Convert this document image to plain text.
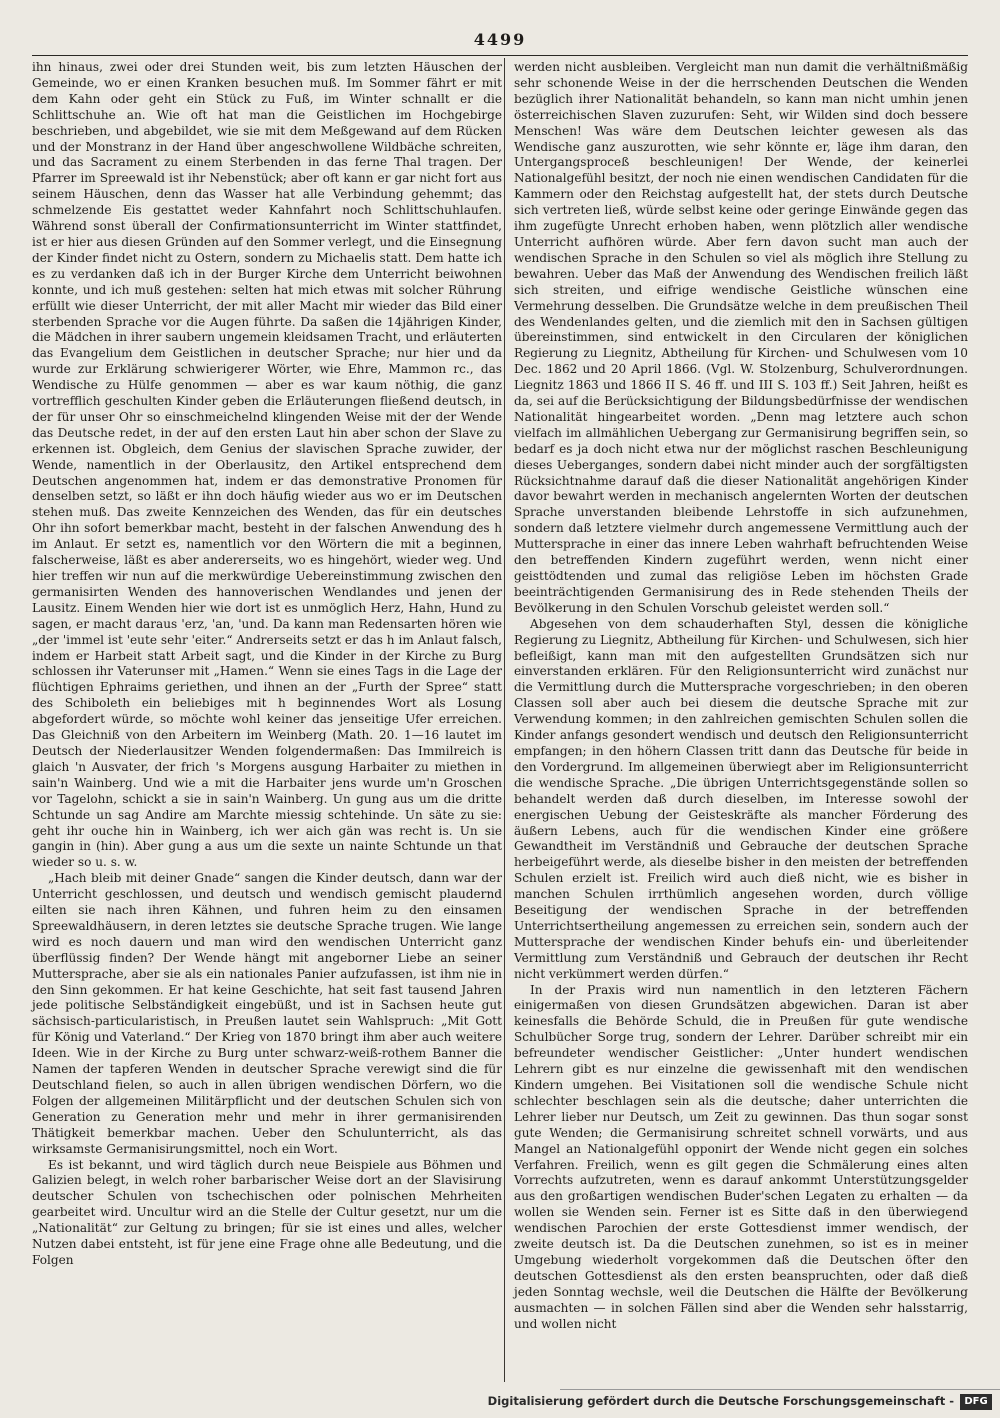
4499

ihn hinaus, zwei oder drei Stunden weit, bis zum letzten Häuschen der Gemeinde, wo er einen Kranken besuchen muß. Im Sommer fährt er mit dem Kahn oder geht ein Stück zu Fuß, im Winter schnallt er die Schlittschuhe an. Wie oft hat man die Geistlichen im Hochgebirge beschrieben, und abgebildet, wie sie mit dem Meßgewand auf dem Rücken und der Monstranz in der Hand über angeschwollene Wildbäche schreiten, und das Sacrament zu einem Sterbenden in das ferne Thal tragen. Der Pfarrer im Spreewald ist ihr Nebenstück; aber oft kann er gar nicht fort aus seinem Häuschen, denn das Wasser hat alle Verbindung gehemmt; das schmelzende Eis gestattet weder Kahnfahrt noch Schlittschuhlaufen. Während sonst überall der Confirmationsunterricht im Winter stattfindet, ist er hier aus diesen Gründen auf den Sommer verlegt, und die Einsegnung der Kinder findet nicht zu Ostern, sondern zu Michaelis statt. Dem hatte ich es zu verdanken daß ich in der Burger Kirche dem Unterricht beiwohnen konnte, und ich muß gestehen: selten hat mich etwas mit solcher Rührung erfüllt wie dieser Unterricht, der mit aller Macht mir wieder das Bild einer sterbenden Sprache vor die Augen führte. Da saßen die 14jährigen Kinder, die Mädchen in ihrer saubern ungemein kleidsamen Tracht, und erläuterten das Evangelium dem Geistlichen in deutscher Sprache; nur hier und da wurde zur Erklärung schwierigerer Wörter, wie Ehre, Mammon rc., das Wendische zu Hülfe genommen — aber es war kaum nöthig, die ganz vortrefflich geschulten Kinder geben die Erläuterungen fließend deutsch, in der für unser Ohr so einschmeichelnd klingenden Weise mit der der Wende das Deutsche redet, in der auf den ersten Laut hin aber schon der Slave zu erkennen ist. Obgleich, dem Genius der slavischen Sprache zuwider, der Wende, namentlich in der Oberlausitz, den Artikel entsprechend dem Deutschen angenommen hat, indem er das demonstrative Pronomen für denselben setzt, so läßt er ihn doch häufig wieder aus wo er im Deutschen stehen muß. Das zweite Kennzeichen des Wenden, das für ein deutsches Ohr ihn sofort bemerkbar macht, besteht in der falschen Anwendung des h im Anlaut. Er setzt es, namentlich vor den Wörtern die mit a beginnen, falscherweise, läßt es aber andererseits, wo es hingehört, wieder weg. Und hier treffen wir nun auf die merkwürdige Uebereinstimmung zwischen den germanisirten Wenden des hannoverischen Wendlandes und jenen der Lausitz. Einem Wenden hier wie dort ist es unmöglich Herz, Hahn, Hund zu sagen, er macht daraus 'erz, 'an, 'und. Da kann man Redensarten hören wie „der 'immel ist 'eute sehr 'eiter.“ Andrerseits setzt er das h im Anlaut falsch, indem er Harbeit statt Arbeit sagt, und die Kinder in der Kirche zu Burg schlossen ihr Vaterunser mit „Hamen.“ Wenn sie eines Tags in die Lage der flüchtigen Ephraims geriethen, und ihnen an der „Furth der Spree“ statt des Schiboleth ein beliebiges mit h beginnendes Wort als Losung abgefordert würde, so möchte wohl keiner das jenseitige Ufer erreichen. Das Gleichniß von den Arbeitern im Weinberg (Math. 20. 1—16 lautet im Deutsch der Niederlausitzer Wenden folgendermaßen: Das Immilreich is glaich 'n Ausvater, der frich 's Morgens ausgung Harbaiter zu miethen in sain'n Wainberg. Und wie a mit die Harbaiter jens wurde um'n Groschen vor Tagelohn, schickt a sie in sain'n Wainberg. Un gung aus um die dritte Schtunde un sag Andire am Marchte miessig schtehinde. Un säte zu sie: geht ihr ouche hin in Wainberg, ich wer aich gän was recht is. Un sie gangin in (hin). Aber gung a aus um die sexte un nainte Schtunde un that wieder so u. s. w.

„Hach bleib mit deiner Gnade“ sangen die Kinder deutsch, dann war der Unterricht geschlossen, und deutsch und wendisch gemischt plaudernd eilten sie nach ihren Kähnen, und fuhren heim zu den einsamen Spreewaldhäusern, in deren letztes sie deutsche Sprache trugen. Wie lange wird es noch dauern und man wird den wendischen Unterricht ganz überflüssig finden? Der Wende hängt mit angeborner Liebe an seiner Muttersprache, aber sie als ein nationales Panier aufzufassen, ist ihm nie in den Sinn gekommen. Er hat keine Geschichte, hat seit fast tausend Jahren jede politische Selbständigkeit eingebüßt, und ist in Sachsen heute gut sächsisch-particularistisch, in Preußen lautet sein Wahlspruch: „Mit Gott für König und Vaterland.“ Der Krieg von 1870 bringt ihm aber auch weitere Ideen. Wie in der Kirche zu Burg unter schwarz-weiß-rothem Banner die Namen der tapferen Wenden in deutscher Sprache verewigt sind die für Deutschland fielen, so auch in allen übrigen wendischen Dörfern, wo die Folgen der allgemeinen Militärpflicht und der deutschen Schulen sich von Generation zu Generation mehr und mehr in ihrer germanisirenden Thätigkeit bemerkbar machen. Ueber den Schulunterricht, als das wirksamste Germanisirungsmittel, noch ein Wort.

Es ist bekannt, und wird täglich durch neue Beispiele aus Böhmen und Galizien belegt, in welch roher barbarischer Weise dort an der Slavisirung deutscher Schulen von tschechischen oder polnischen Mehrheiten gearbeitet wird. Uncultur wird an die Stelle der Cultur gesetzt, nur um die „Nationalität“ zur Geltung zu bringen; für sie ist eines und alles, welcher Nutzen dabei entsteht, ist für jene eine Frage ohne alle Bedeutung, und die Folgen

werden nicht ausbleiben. Vergleicht man nun damit die verhältnißmäßig sehr schonende Weise in der die herrschenden Deutschen die Wenden bezüglich ihrer Nationalität behandeln, so kann man nicht umhin jenen österreichischen Slaven zuzurufen: Seht, wir Wilden sind doch bessere Menschen! Was wäre dem Deutschen leichter gewesen als das Wendische ganz auszurotten, wie sehr könnte er, läge ihm daran, den Untergangsproceß beschleunigen! Der Wende, der keinerlei Nationalgefühl besitzt, der noch nie einen wendischen Candidaten für die Kammern oder den Reichstag aufgestellt hat, der stets durch Deutsche sich vertreten ließ, würde selbst keine oder geringe Einwände gegen das ihm zugefügte Unrecht erhoben haben, wenn plötzlich aller wendische Unterricht aufhören würde. Aber fern davon sucht man auch der wendischen Sprache in den Schulen so viel als möglich ihre Stellung zu bewahren. Ueber das Maß der Anwendung des Wendischen freilich läßt sich streiten, und eifrige wendische Geistliche wünschen eine Vermehrung desselben. Die Grundsätze welche in dem preußischen Theil des Wendenlandes gelten, und die ziemlich mit den in Sachsen gültigen übereinstimmen, sind entwickelt in den Circularen der königlichen Regierung zu Liegnitz, Abtheilung für Kirchen- und Schulwesen vom 10 Dec. 1862 und 20 April 1866. (Vgl. W. Stolzenburg, Schulverordnungen. Liegnitz 1863 und 1866 II S. 46 ff. und III S. 103 ff.) Seit Jahren, heißt es da, sei auf die Berücksichtigung der Bildungsbedürfnisse der wendischen Nationalität hingearbeitet worden. „Denn mag letztere auch schon vielfach im allmählichen Uebergang zur Germanisirung begriffen sein, so bedarf es ja doch nicht etwa nur der möglichst raschen Beschleunigung dieses Ueberganges, sondern dabei nicht minder auch der sorgfältigsten Rücksichtnahme darauf daß die dieser Nationalität angehörigen Kinder davor bewahrt werden in mechanisch angelernten Worten der deutschen Sprache unverstanden bleibende Lehrstoffe in sich aufzunehmen, sondern daß letztere vielmehr durch angemessene Vermittlung auch der Muttersprache in einer das innere Leben wahrhaft befruchtenden Weise den betreffenden Kindern zugeführt werden, wenn nicht einer geisttödtenden und zumal das religiöse Leben im höchsten Grade beeinträchtigenden Germanisirung des in Rede stehenden Theils der Bevölkerung in den Schulen Vorschub geleistet werden soll.“

Abgesehen von dem schauderhaften Styl, dessen die königliche Regierung zu Liegnitz, Abtheilung für Kirchen- und Schulwesen, sich hier befleißigt, kann man mit den aufgestellten Grundsätzen sich nur einverstanden erklären. Für den Religionsunterricht wird zunächst nur die Vermittlung durch die Muttersprache vorgeschrieben; in den oberen Classen soll aber auch bei diesem die deutsche Sprache mit zur Verwendung kommen; in den zahlreichen gemischten Schulen sollen die Kinder anfangs gesondert wendisch und deutsch den Religionsunterricht empfangen; in den höhern Classen tritt dann das Deutsche für beide in den Vordergrund. Im allgemeinen überwiegt aber im Religionsunterricht die wendische Sprache. „Die übrigen Unterrichtsgegenstände sollen so behandelt werden daß durch dieselben, im Interesse sowohl der energischen Uebung der Geisteskräfte als mancher Förderung des äußern Lebens, auch für die wendischen Kinder eine größere Gewandtheit im Verständniß und Gebrauche der deutschen Sprache herbeigeführt werde, als dieselbe bisher in den meisten der betreffenden Schulen erzielt ist. Freilich wird auch dieß nicht, wie es bisher in manchen Schulen irrthümlich angesehen worden, durch völlige Beseitigung der wendischen Sprache in der betreffenden Unterrichtsertheilung angemessen zu erreichen sein, sondern auch der Muttersprache der wendischen Kinder behufs ein- und überleitender Vermittlung zum Verständniß und Gebrauch der deutschen ihr Recht nicht verkümmert werden dürfen.“

In der Praxis wird nun namentlich in den letzteren Fächern einigermaßen von diesen Grundsätzen abgewichen. Daran ist aber keinesfalls die Behörde Schuld, die in Preußen für gute wendische Schulbücher Sorge trug, sondern der Lehrer. Darüber schreibt mir ein befreundeter wendischer Geistlicher: „Unter hundert wendischen Lehrern gibt es nur einzelne die gewissenhaft mit den wendischen Kindern umgehen. Bei Visitationen soll die wendische Schule nicht schlechter beschlagen sein als die deutsche; daher unterrichten die Lehrer lieber nur Deutsch, um Zeit zu gewinnen. Das thun sogar sonst gute Wenden; die Germanisirung schreitet schnell vorwärts, und aus Mangel an Nationalgefühl opponirt der Wende nicht gegen ein solches Verfahren. Freilich, wenn es gilt gegen die Schmälerung eines alten Vorrechts aufzutreten, wenn es darauf ankommt Unterstützungsgelder aus den großartigen wendischen Buder'schen Legaten zu erhalten — da wollen sie Wenden sein. Ferner ist es Sitte daß in den überwiegend wendischen Parochien der erste Gottesdienst immer wendisch, der zweite deutsch ist. Da die Deutschen zunehmen, so ist es in meiner Umgebung wiederholt vorgekommen daß die Deutschen öfter den deutschen Gottesdienst als den ersten beanspruchten, oder daß dieß jeden Sonntag wechsle, weil die Deutschen die Hälfte der Bevölkerung ausmachten — in solchen Fällen sind aber die Wenden sehr halsstarrig, und wollen nicht

Digitalisierung gefördert durch die Deutsche Forschungsgemeinschaft -	DFG
